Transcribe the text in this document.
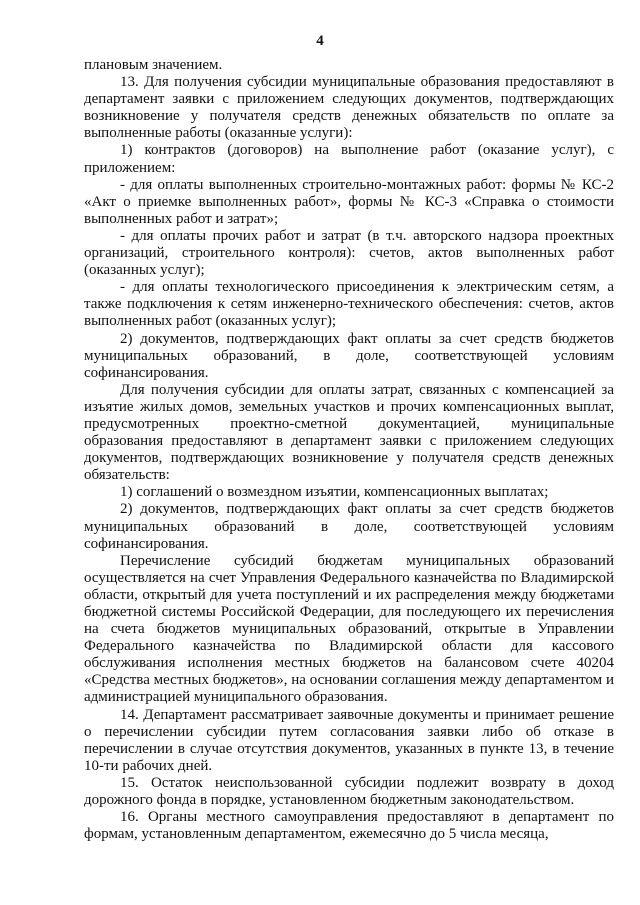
4

плановым значением.

13. Для получения субсидии муниципальные образования предоставляют в департамент заявки с приложением следующих документов, подтверждающих возникновение у получателя средств денежных обязательств по оплате за выполненные работы (оказанные услуги):

1) контрактов (договоров) на выполнение работ (оказание услуг), с приложением:

- для оплаты выполненных строительно-монтажных работ: формы № КС-2 «Акт о приемке выполненных работ», формы № КС-3 «Справка о стоимости выполненных работ и затрат»;

- для оплаты прочих работ и затрат (в т.ч. авторского надзора проектных организаций, строительного контроля): счетов, актов выполненных работ (оказанных услуг);

- для оплаты технологического присоединения к электрическим сетям, а также подключения к сетям инженерно-технического обеспечения: счетов, актов выполненных работ (оказанных услуг);

2) документов, подтверждающих факт оплаты за счет средств бюджетов муниципальных образований, в доле, соответствующей условиям софинансирования.

Для получения субсидии для оплаты затрат, связанных с компенсацией за изъятие жилых домов, земельных участков и прочих компенсационных выплат, предусмотренных проектно-сметной документацией, муниципальные образования предоставляют в департамент заявки с приложением следующих документов, подтверждающих возникновение у получателя средств денежных обязательств:

1) соглашений о возмездном изъятии, компенсационных выплатах;

2) документов, подтверждающих факт оплаты за счет средств бюджетов муниципальных образований в доле, соответствующей условиям софинансирования.

Перечисление субсидий бюджетам муниципальных образований осуществляется на счет Управления Федерального казначейства по Владимирской области, открытый для учета поступлений и их распределения между бюджетами бюджетной системы Российской Федерации, для последующего их перечисления на счета бюджетов муниципальных образований, открытые в Управлении Федерального казначейства по Владимирской области для кассового обслуживания исполнения местных бюджетов на балансовом счете 40204 «Средства местных бюджетов», на основании соглашения между департаментом и администрацией муниципального образования.

14. Департамент рассматривает заявочные документы и принимает решение о перечислении субсидии путем согласования заявки либо об отказе в перечислении в случае отсутствия документов, указанных в пункте 13, в течение 10-ти рабочих дней.

15. Остаток неиспользованной субсидии подлежит возврату в доход дорожного фонда в порядке, установленном бюджетным законодательством.

16. Органы местного самоуправления предоставляют в департамент по формам, установленным департаментом, ежемесячно до 5 числа месяца,
